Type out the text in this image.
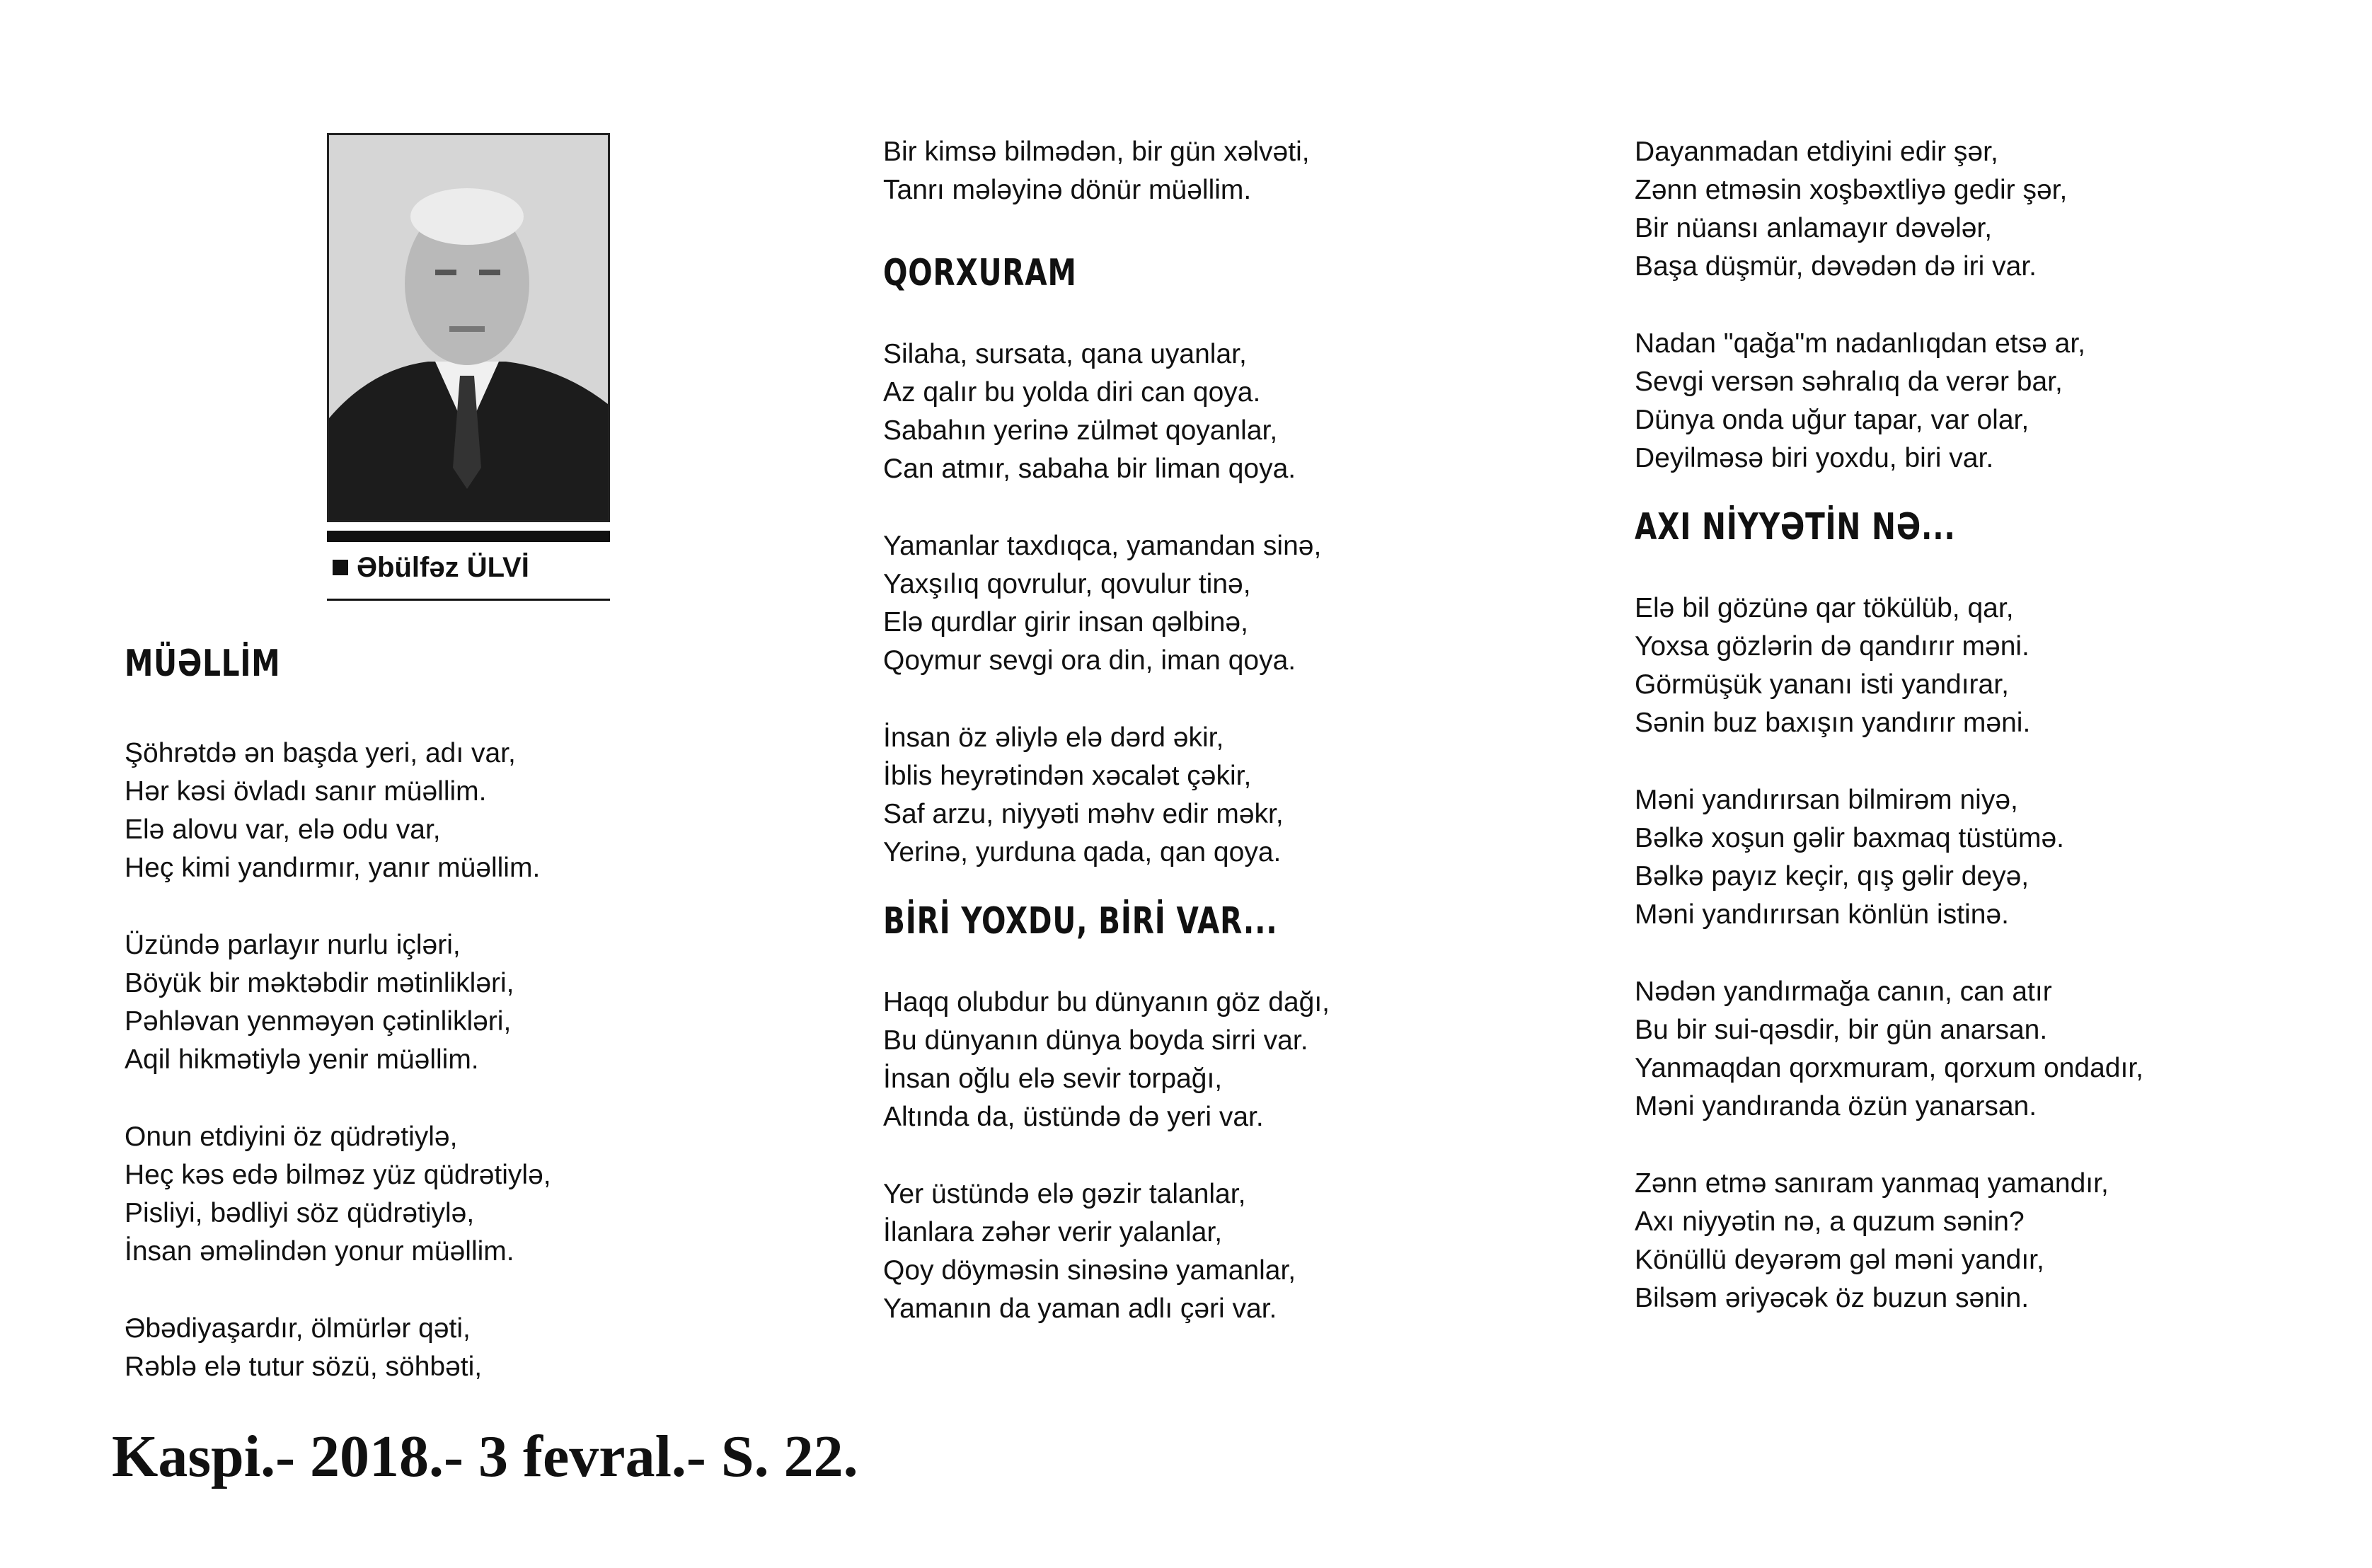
Əbülfəz ÜLVİ
MÜƏLLİM
Şöhrətdə ən başda yeri, adı var,
Hər kəsi övladı sanır müəllim.
Elə alovu var, elə odu var,
Heç kimi yandırmır, yanır müəllim.
Üzündə parlayır nurlu içləri,
Böyük bir məktəbdir mətinlikləri,
Pəhləvan yenməyən çətinlikləri,
Aqil hikmətiylə yenir müəllim.
Onun etdiyini öz qüdrətiylə,
Heç kəs edə bilməz yüz qüdrətiylə,
Pisliyi, bədliyi söz qüdrətiylə,
İnsan əməlindən yonur müəllim.
Əbədiyaşardır, ölmürlər qəti,
Rəblə elə tutur sözü, söhbəti,
Bir kimsə bilmədən, bir gün xəlvəti,
Tanrı mələyinə dönür müəllim.
QORXURAM
Silaha, sursata, qana uyanlar,
Az qalır bu yolda diri can qoya.
Sabahın yerinə zülmət qoyanlar,
Can atmır, sabaha bir liman qoya.
Yamanlar taxdıqca, yamandan sinə,
Yaxşılıq qovrulur, qovulur tinə,
Elə qurdlar girir insan qəlbinə,
Qoymur sevgi ora din, iman qoya.
İnsan öz əliylə elə dərd əkir,
İblis heyrətindən xəcalət çəkir,
Saf arzu, niyyəti məhv edir məkr,
Yerinə, yurduna qada, qan qoya.
BİRİ YOXDU, BİRİ VAR...
Haqq olubdur bu dünyanın göz dağı,
Bu dünyanın dünya boyda sirri var.
İnsan oğlu elə sevir torpağı,
Altında da, üstündə də yeri var.
Yer üstündə elə gəzir talanlar,
İlanlara zəhər verir yalanlar,
Qoy döyməsin sinəsinə yamanlar,
Yamanın da yaman adlı çəri var.
Dayanmadan etdiyini edir şər,
Zənn etməsin xoşbəxtliyə gedir şər,
Bir nüansı anlamayır dəvələr,
Başa düşmür, dəvədən də iri var.
Nadan "qağa"m nadanlıqdan etsə ar,
Sevgi versən səhralıq da verər bar,
Dünya onda uğur tapar, var olar,
Deyilməsə biri yoxdu, biri var.
AXI NİYYƏTİN NƏ...
Elə bil gözünə qar tökülüb, qar,
Yoxsa gözlərin də qandırır məni.
Görmüşük yananı isti yandırar,
Sənin buz baxışın yandırır məni.
Məni yandırırsan bilmirəm niyə,
Bəlkə xoşun gəlir baxmaq tüstümə.
Bəlkə payız keçir, qış gəlir deyə,
Məni yandırırsan könlün istinə.
Nədən yandırmağa canın, can atır
Bu bir sui-qəsdir, bir gün anarsan.
Yanmaqdan qorxmuram, qorxum ondadır,
Məni yandıranda özün yanarsan.
Zənn etmə sanıram yanmaq yamandır,
Axı niyyətin nə, a quzum sənin?
Könüllü deyərəm gəl məni yandır,
Bilsəm əriyəcək öz buzun sənin.
Kaspi.- 2018.- 3 fevral.- S. 22.
